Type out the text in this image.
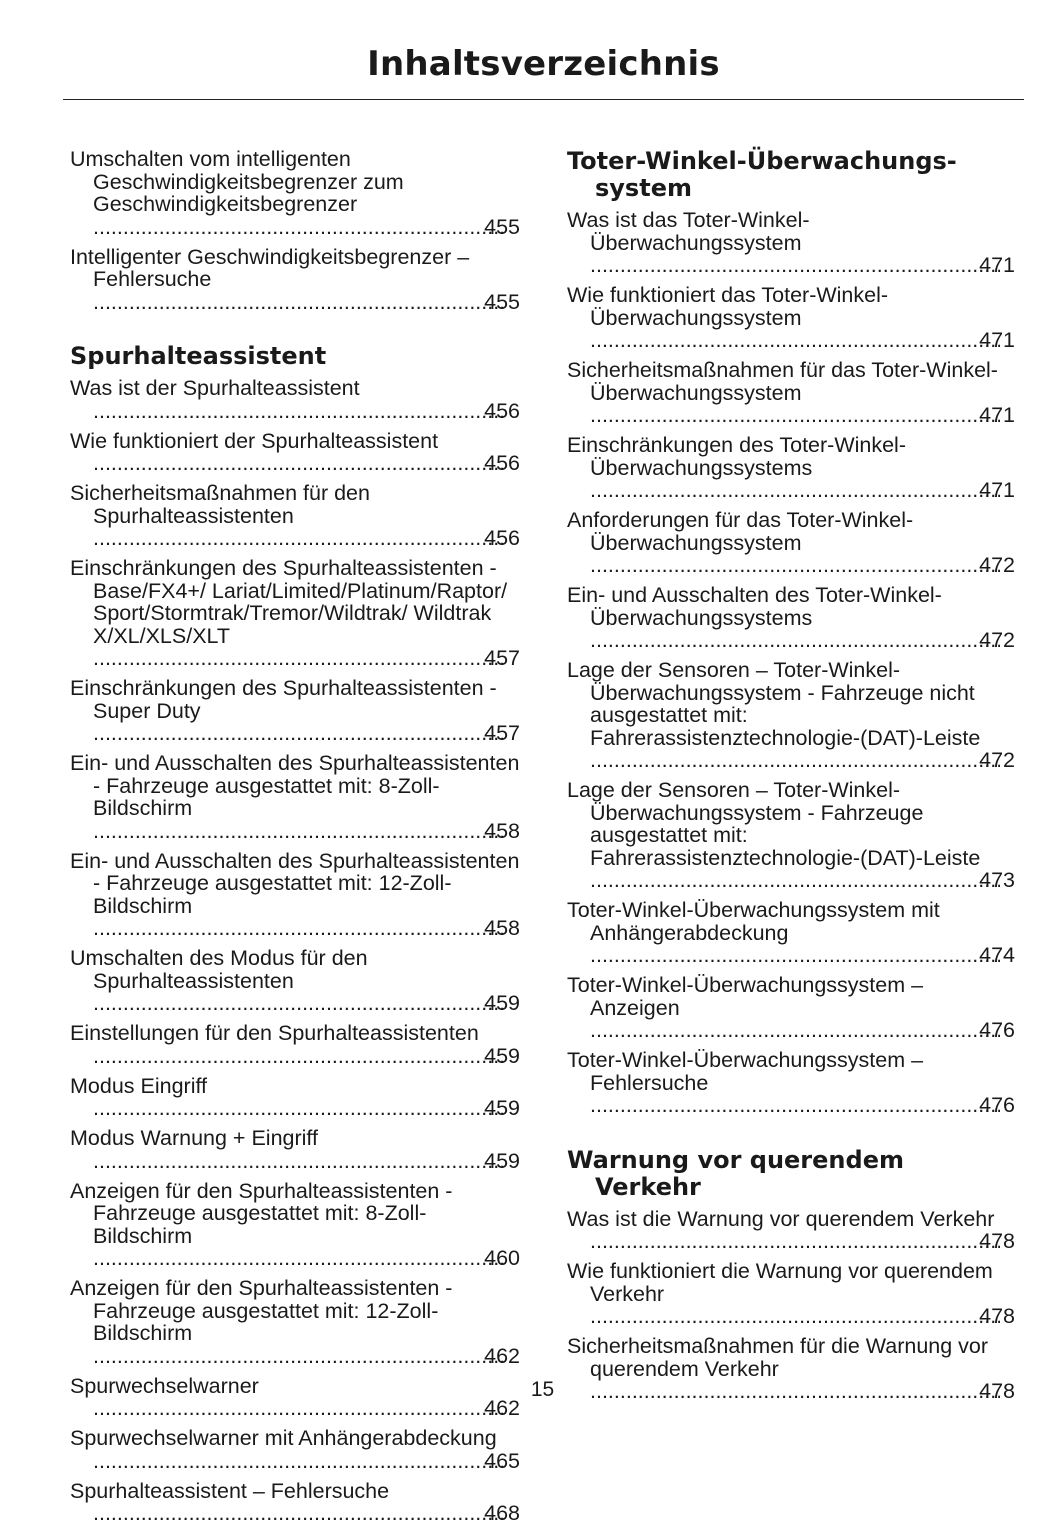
Inhaltsverzeichnis
Umschalten vom intelligenten Geschwindigkeitsbegrenzer zum Geschwindigkeitsbegrenzer
.....
455
Intelligenter Geschwindigkeitsbegrenzer – Fehlersuche
.....
455
Spurhalteassistent
Was ist der Spurhalteassistent
.....
456
Wie funktioniert der Spurhalteassistent
.....
456
Sicherheitsmaßnahmen für den Spurhalteassistenten
.....
456
Einschränkungen des Spurhalteassistenten - Base/FX4+/ Lariat/Limited/Platinum/Raptor/ Sport/Stormtrak/Tremor/Wildtrak/ Wildtrak X/XL/XLS/XLT
.....
457
Einschränkungen des Spurhalteassistenten - Super Duty
.....
457
Ein- und Ausschalten des Spurhalteassistenten - Fahrzeuge ausgestattet mit: 8-Zoll-Bildschirm
.....
458
Ein- und Ausschalten des Spurhalteassistenten - Fahrzeuge ausgestattet mit: 12-Zoll-Bildschirm
.....
458
Umschalten des Modus für den Spurhalteassistenten
.....
459
Einstellungen für den Spurhalteassistenten
.....
459
Modus Eingriff
.....
459
Modus Warnung + Eingriff
.....
459
Anzeigen für den Spurhalteassistenten - Fahrzeuge ausgestattet mit: 8-Zoll-Bildschirm
.....
460
Anzeigen für den Spurhalteassistenten - Fahrzeuge ausgestattet mit: 12-Zoll-Bildschirm
.....
462
Spurwechselwarner
.....
462
Spurwechselwarner mit Anhängerabdeckung
.....
465
Spurhalteassistent – Fehlersuche
.....
468
Toter-Winkel-Überwachungs-system
Was ist das Toter-Winkel-Überwachungssystem
.....
471
Wie funktioniert das Toter-Winkel-Überwachungssystem
.....
471
Sicherheitsmaßnahmen für das Toter-Winkel-Überwachungssystem
.....
471
Einschränkungen des Toter-Winkel-Überwachungssystems
.....
471
Anforderungen für das Toter-Winkel-Überwachungssystem
.....
472
Ein- und Ausschalten des Toter-Winkel-Überwachungssystems
.....
472
Lage der Sensoren – Toter-Winkel-Überwachungssystem - Fahrzeuge nicht ausgestattet mit: Fahrerassistenztechnologie-(DAT)-Leiste
.....
472
Lage der Sensoren – Toter-Winkel-Überwachungssystem - Fahrzeuge ausgestattet mit: Fahrerassistenztechnologie-(DAT)-Leiste
.....
473
Toter-Winkel-Überwachungssystem mit Anhängerabdeckung
.....
474
Toter-Winkel-Überwachungssystem – Anzeigen
.....
476
Toter-Winkel-Überwachungssystem – Fehlersuche
.....
476
Warnung vor querendem Verkehr
Was ist die Warnung vor querendem Verkehr
.....
478
Wie funktioniert die Warnung vor querendem Verkehr
.....
478
Sicherheitsmaßnahmen für die Warnung vor querendem Verkehr
.....
478
15
